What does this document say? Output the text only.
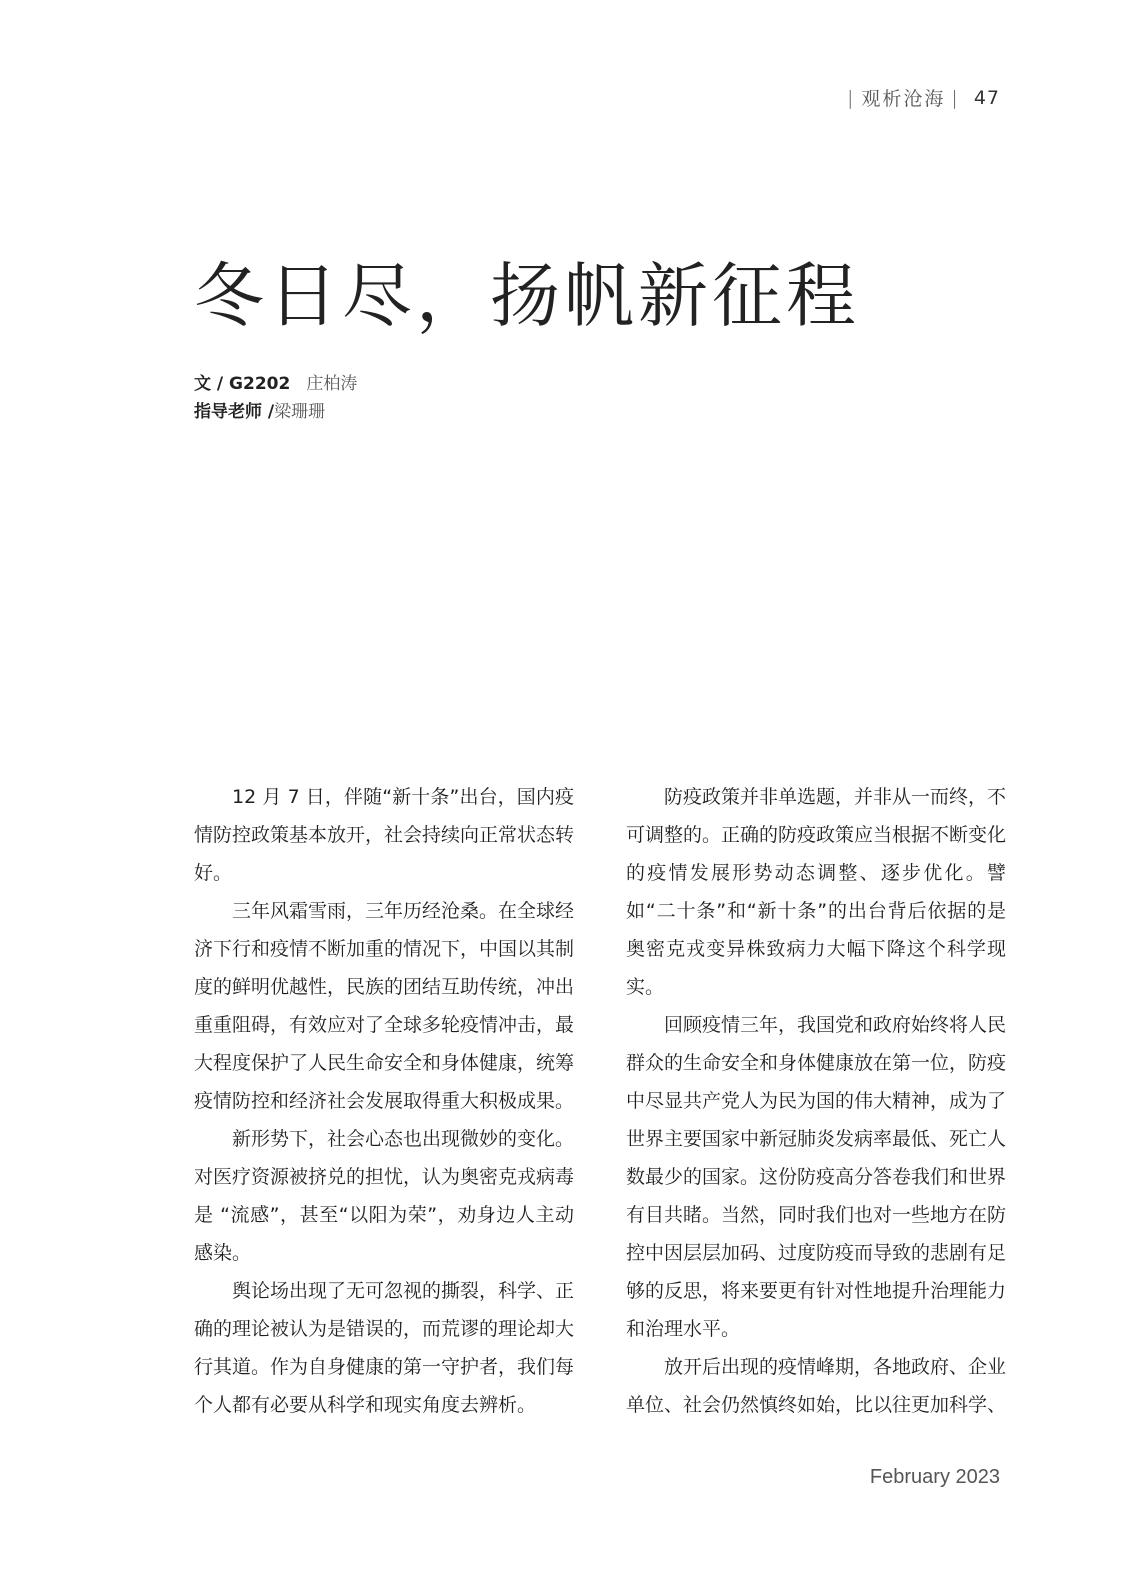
| 观析沧海 | 47
冬日尽，扬帆新征程
文 / G2202 庄柏涛
指导老师 /梁珊珊

12 月 7 日，伴随“新十条”出台，国内疫情防控政策基本放开，社会持续向正常状态转好。

三年风霜雪雨，三年历经沧桑。在全球经济下行和疫情不断加重的情况下，中国以其制度的鲜明优越性，民族的团结互助传统，冲出重重阻碍，有效应对了全球多轮疫情冲击，最大程度保护了人民生命安全和身体健康，统筹疫情防控和经济社会发展取得重大积极成果。

新形势下，社会心态也出现微妙的变化。

对医疗资源被挤兑的担忧，认为奥密克戎病毒是 “流感”，甚至“以阳为荣”，劝身边人主动感染。

舆论场出现了无可忽视的撕裂，科学、正确的理论被认为是错误的，而荒谬的理论却大行其道。作为自身健康的第一守护者，我们每个人都有必要从科学和现实角度去辨析。

防疫政策并非单选题，并非从一而终，不可调整的。正确的防疫政策应当根据不断变化的疫情发展形势动态调整、逐步优化。譬如“二十条”和“新十条”的出台背后依据的是奥密克戎变异株致病力大幅下降这个科学现实。

回顾疫情三年，我国党和政府始终将人民群众的生命安全和身体健康放在第一位，防疫中尽显共产党人为民为国的伟大精神，成为了世界主要国家中新冠肺炎发病率最低、死亡人数最少的国家。这份防疫高分答卷我们和世界有目共睹。当然，同时我们也对一些地方在防控中因层层加码、过度防疫而导致的悲剧有足够的反思，将来要更有针对性地提升治理能力和治理水平。

放开后出现的疫情峰期，各地政府、企业单位、社会仍然慎终如始，比以往更加科学、

February 2023
